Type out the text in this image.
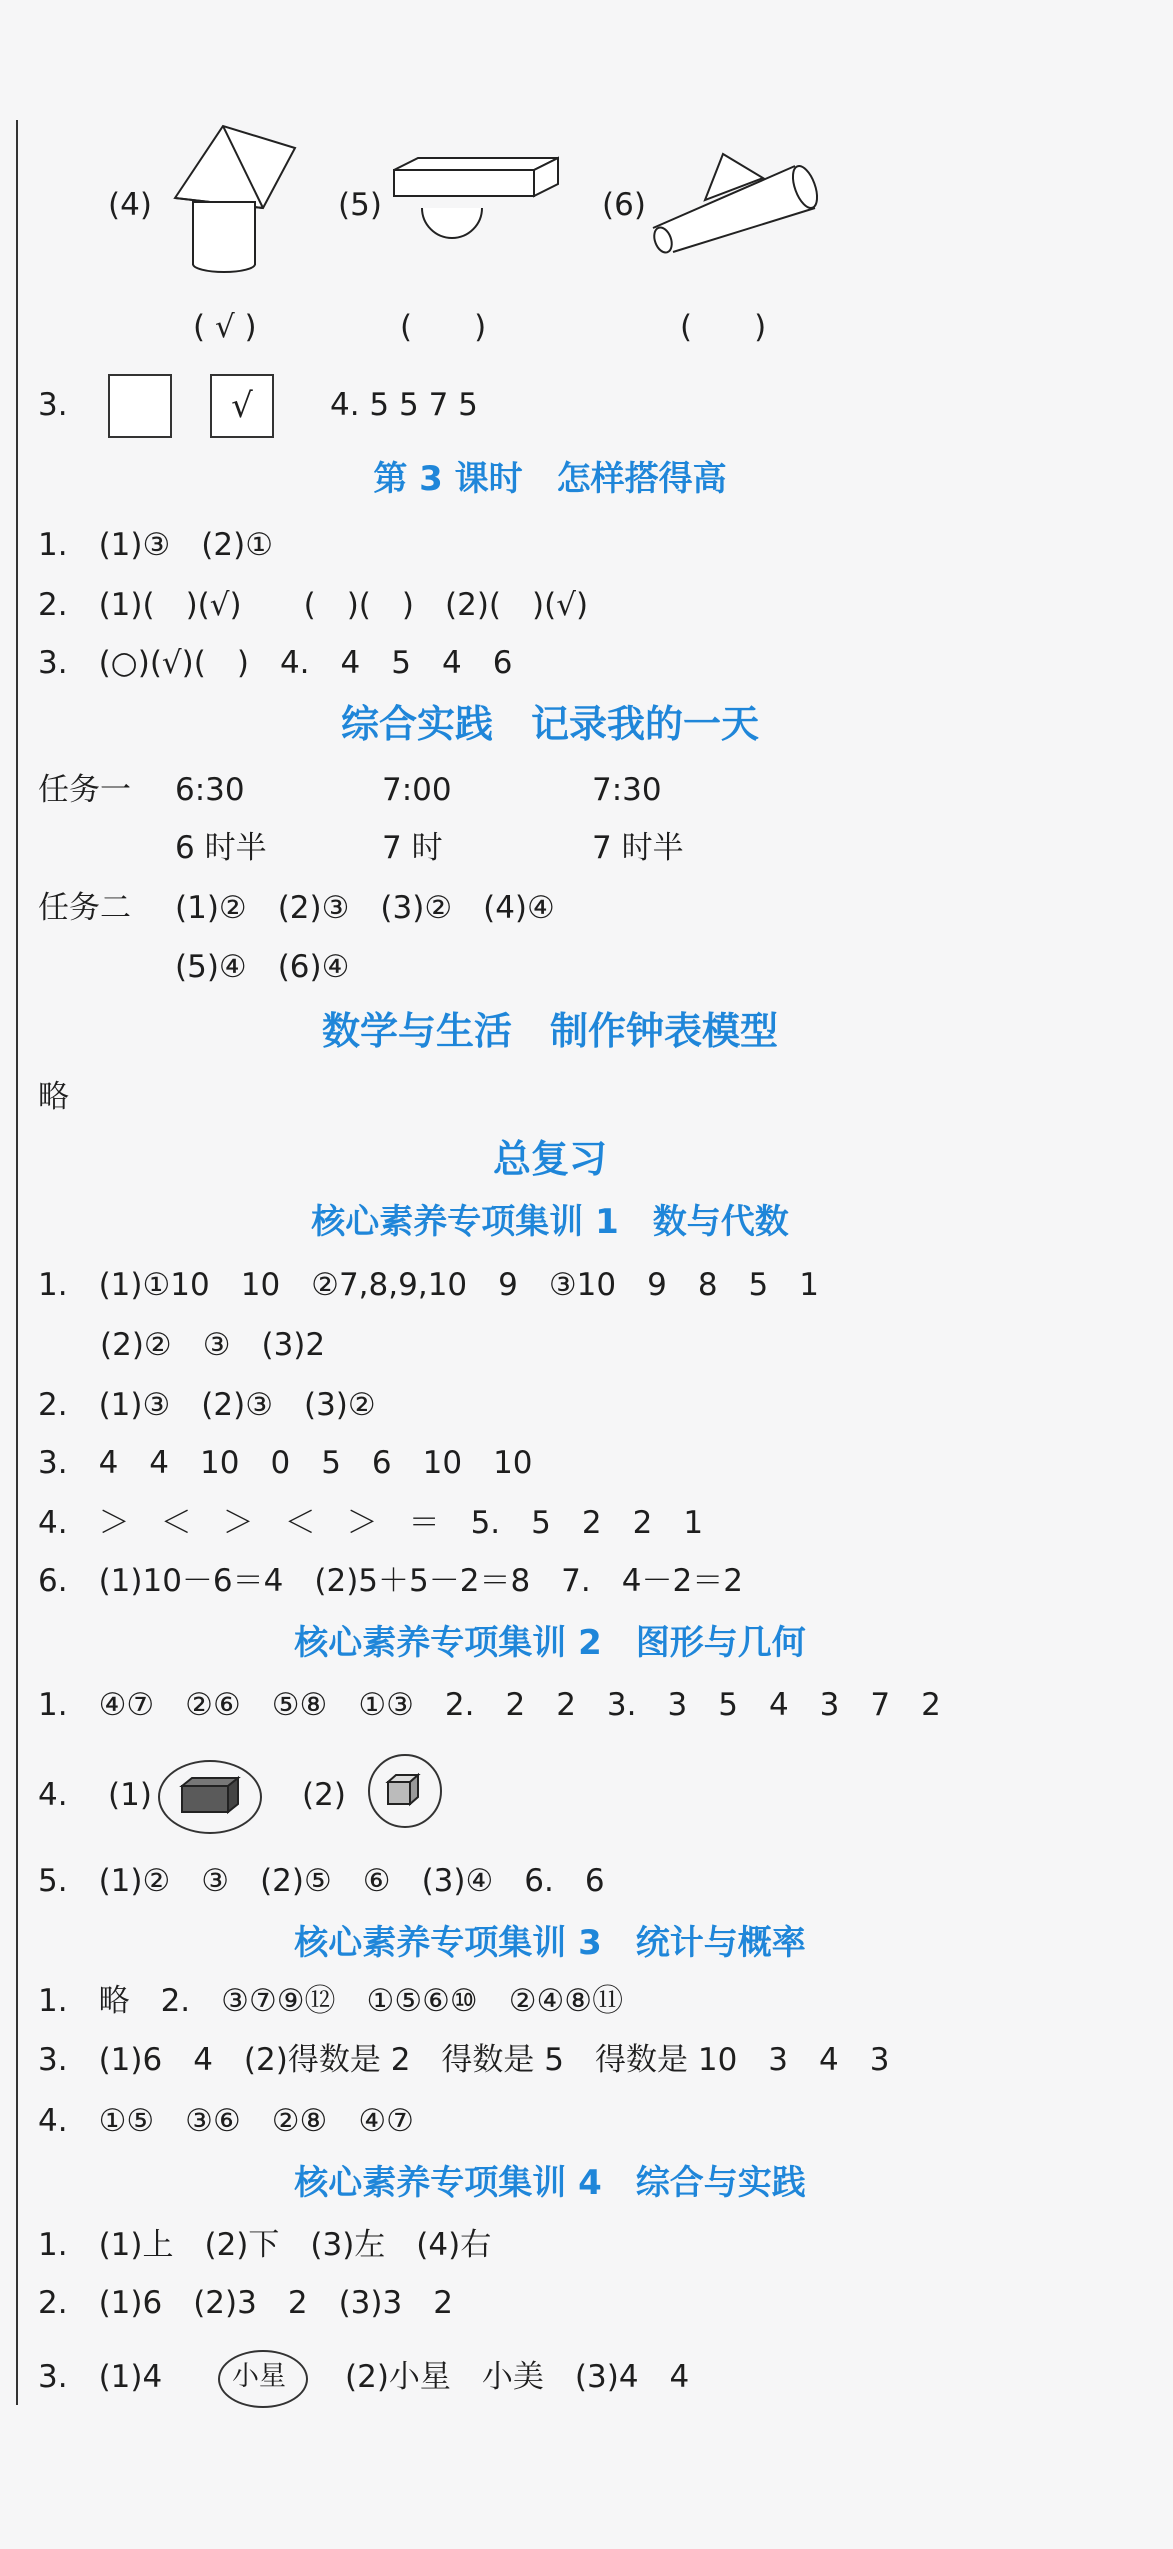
(4)	(5)	(6)
( √ )	(  )	(  )
3.	√	4. 5 5 7 5
第 3 课时　怎样搭得高
1.　(1)③　(2)①
2.　(1)(　)(√)　　(　)(　)　(2)(　)(√)
3.　(○)(√)(　)　4.　4　5　4　6
综合实践　记录我的一天
任务一 6:30	7:00	7:30
6 时半	7 时	7 时半
任务二 (1)②　(2)③　(3)②　(4)④
(5)④　(6)④
数学与生活　制作钟表模型
略
总复习
核心素养专项集训 1　数与代数
1.　(1)①10　10　②7,8,9,10　9　③10　9　8　5　1
　　(2)②　③　(3)2
2.　(1)③　(2)③　(3)②
3.　4　4　10　0　5　6　10　10
4.　＞　＜　＞　＜　＞　＝　5.　5　2　2　1
6.　(1)10－6＝4　(2)5＋5－2＝8　7.　4－2＝2
核心素养专项集训 2　图形与几何
1.　④⑦　②⑥　⑤⑧　①③　2.　2　2　3.　3　5　4　3　7　2
4. (1)	(2)
5.　(1)②　③　(2)⑤　⑥　(3)④　6.　6
核心素养专项集训 3　统计与概率
1.　略　2.　③⑦⑨⑫　①⑤⑥⑩　②④⑧⑪
3.　(1)6　4　(2)得数是 2　得数是 5　得数是 10　3　4　3
4.　①⑤　③⑥　②⑧　④⑦
核心素养专项集训 4　综合与实践
1.　(1)上　(2)下　(3)左　(4)右
2.　(1)6　(2)3　2　(3)3　2
3.　(1)4	小星 (2)小星　小美　(3)4　4
